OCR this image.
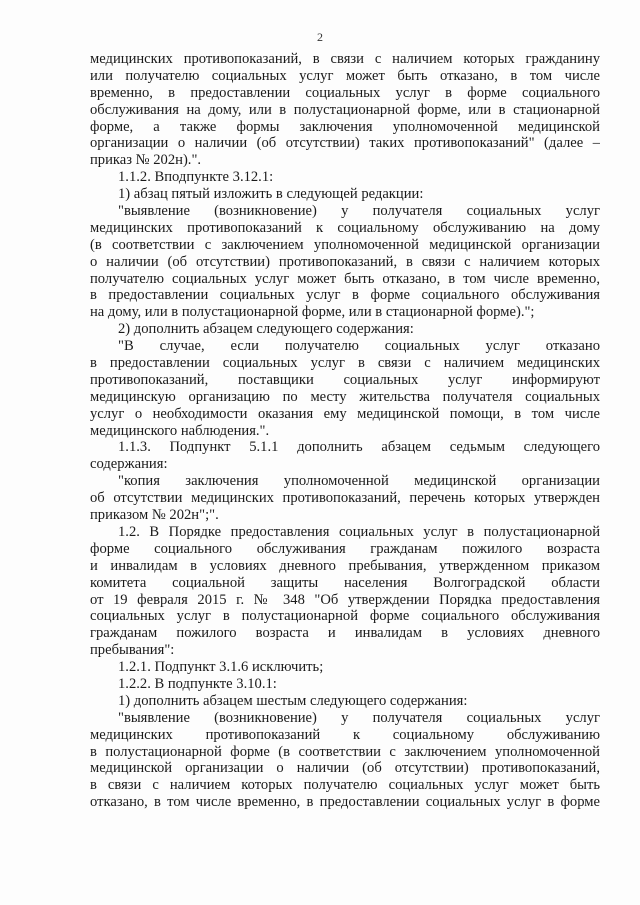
2
медицинских противопоказаний, в связи с наличием которых гражданину
или получателю социальных услуг может быть отказано, в том числе
временно, в предоставлении социальных услуг в форме социального
обслуживания на дому, или в полустационарной форме, или в стационарной
форме, а также формы заключения уполномоченной медицинской
организации о наличии (об отсутствии) таких противопоказаний" (далее –
приказ № 202н).".
1.1.2. Вподпункте 3.12.1:
1) абзац пятый изложить в следующей редакции:
"выявление (возникновение) у получателя социальных услуг
медицинских противопоказаний к социальному обслуживанию на дому
(в соответствии с заключением уполномоченной медицинской организации
о наличии (об отсутствии) противопоказаний, в связи с наличием которых
получателю социальных услуг может быть отказано, в том числе временно,
в предоставлении социальных услуг в форме социального обслуживания
на дому, или в полустационарной форме, или в стационарной форме).";
2) дополнить абзацем следующего содержания:
"В случае, если получателю социальных услуг отказано
в предоставлении социальных услуг в связи с наличием медицинских
противопоказаний, поставщики социальных услуг информируют
медицинскую организацию по месту жительства получателя социальных
услуг о необходимости оказания ему медицинской помощи, в том числе
медицинского наблюдения.".
1.1.3. Подпункт 5.1.1 дополнить абзацем седьмым следующего
содержания:
"копия заключения уполномоченной медицинской организации
об отсутствии медицинских противопоказаний, перечень которых утвержден
приказом № 202н";".
1.2. В Порядке предоставления социальных услуг в полустационарной
форме социального обслуживания гражданам пожилого возраста
и инвалидам в условиях дневного пребывания, утвержденном приказом
комитета социальной защиты населения Волгоградской области
от 19 февраля 2015 г. № 348 "Об утверждении Порядка предоставления
социальных услуг в полустационарной форме социального обслуживания
гражданам пожилого возраста и инвалидам в условиях дневного
пребывания":
1.2.1. Подпункт 3.1.6 исключить;
1.2.2. В подпункте 3.10.1:
1) дополнить абзацем шестым следующего содержания:
"выявление (возникновение) у получателя социальных услуг
медицинских противопоказаний к социальному обслуживанию
в полустационарной форме (в соответствии с заключением уполномоченной
медицинской организации о наличии (об отсутствии) противопоказаний,
в связи с наличием которых получателю социальных услуг может быть
отказано, в том числе временно, в предоставлении социальных услуг в форме
